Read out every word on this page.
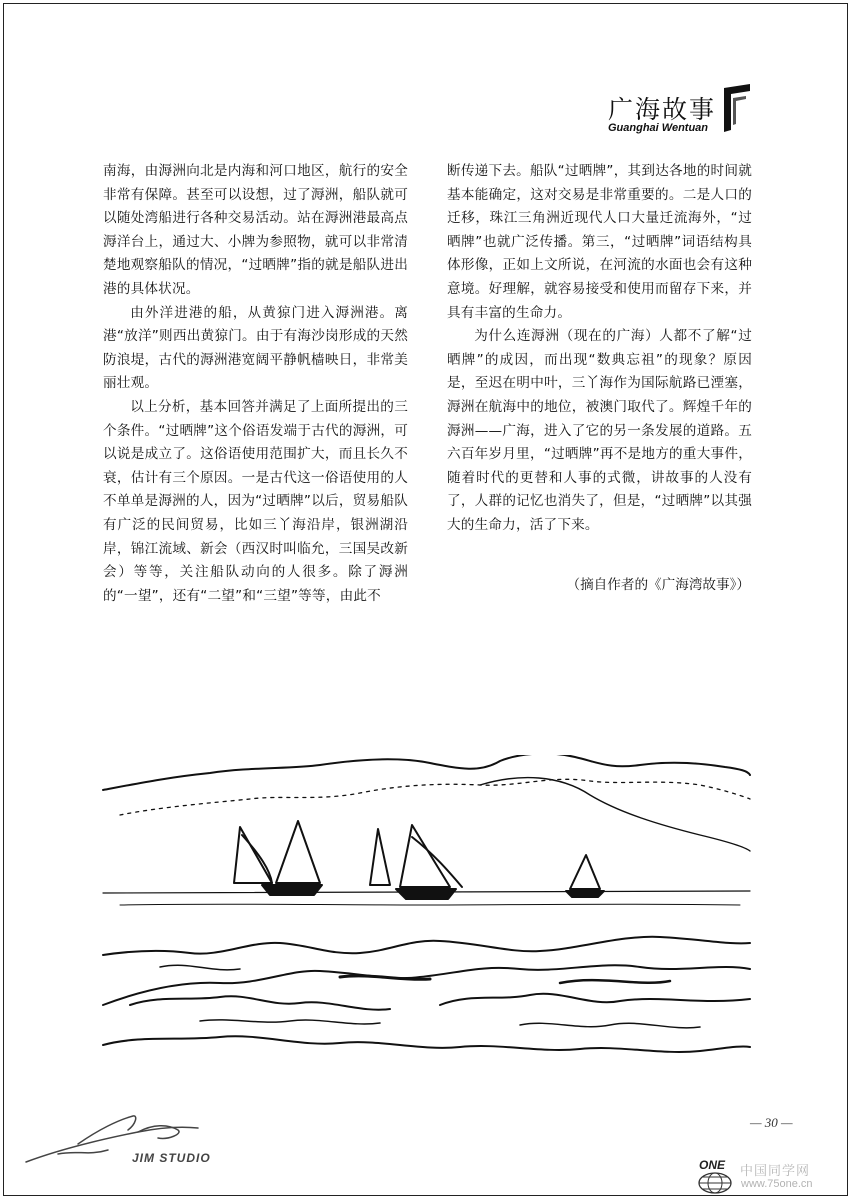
广海故事
Guanghai Wentuan

南海，由溽洲向北是内海和河口地区，航行的安全非常有保障。甚至可以设想，过了溽洲，船队就可以随处湾船进行各种交易活动。站在溽洲港最高点溽洋台上，通过大、小牌为参照物，就可以非常清楚地观察船队的情况，“过晒牌”指的就是船队进出港的具体状况。

由外洋进港的船，从黄猄门进入溽洲港。离港“放洋”则西出黄猄门。由于有海沙岗形成的天然防浪堤，古代的溽洲港宽阔平静帆樯映日，非常美丽壮观。

以上分析，基本回答并满足了上面所提出的三个条件。“过晒牌”这个俗语发端于古代的溽洲，可以说是成立了。这俗语使用范围扩大，而且长久不衰，估计有三个原因。一是古代这一俗语使用的人不单单是溽洲的人，因为“过晒牌”以后，贸易船队有广泛的民间贸易，比如三丫海沿岸，银洲湖沿岸，锦江流域、新会（西汉时叫临允，三国吴改新会）等等，关注船队动向的人很多。除了溽洲的“一望”，还有“二望”和“三望”等等，由此不

断传递下去。船队“过晒牌”，其到达各地的时间就基本能确定，这对交易是非常重要的。二是人口的迁移，珠江三角洲近现代人口大量迁流海外，“过晒牌”也就广泛传播。第三，“过晒牌”词语结构具体形像，正如上文所说，在河流的水面也会有这种意境。好理解，就容易接受和使用而留存下来，并具有丰富的生命力。

为什么连溽洲（现在的广海）人都不了解“过晒牌”的成因，而出现“数典忘祖”的现象？原因是，至迟在明中叶，三丫海作为国际航路已湮塞，溽洲在航海中的地位，被澳门取代了。辉煌千年的溽洲——广海，进入了它的另一条发展的道路。五六百年岁月里，“过晒牌”再不是地方的重大事件，随着时代的更替和人事的式微，讲故事的人没有了，人群的记忆也消失了，但是，“过晒牌”以其强大的生命力，活了下来。

（摘自作者的《广海湾故事》）
— 30 —
JIM STUDIO	ONE 中国同学网
www.75one.cn
